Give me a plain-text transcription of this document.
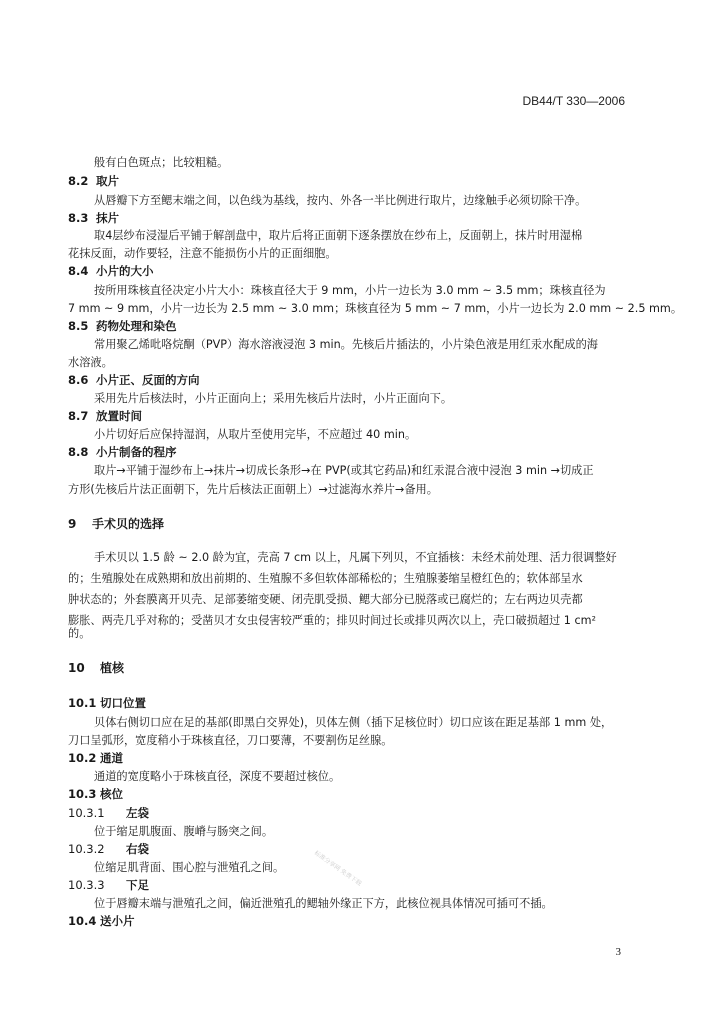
DB44/T 330—2006
般有白色斑点；比较粗糙。
8.2 取片
从唇瓣下方至鳃末端之间，以色线为基线，按内、外各一半比例进行取片，边缘触手必须切除干净。
8.3 抹片
取4层纱布浸湿后平铺于解剖盘中，取片后将正面朝下逐条摆放在纱布上，反面朝上，抹片时用湿棉
花抹反面，动作要轻，注意不能损伤小片的正面细胞。
8.4 小片的大小
按所用珠核直径决定小片大小：珠核直径大于 9 mm，小片一边长为 3.0 mm ~ 3.5 mm；珠核直径为
7 mm ~ 9 mm，小片一边长为 2.5 mm ~ 3.0 mm；珠核直径为 5 mm ~ 7 mm，小片一边长为 2.0 mm ~ 2.5 mm。
8.5 药物处理和染色
常用聚乙烯吡咯烷酮（PVP）海水溶液浸泡 3 min。先核后片插法的，小片染色液是用红汞水配成的海
水溶液。
8.6 小片正、反面的方向
采用先片后核法时，小片正面向上；采用先核后片法时，小片正面向下。
8.7 放置时间
小片切好后应保持湿润，从取片至使用完毕，不应超过 40 min。
8.8 小片制备的程序
取片→平铺于湿纱布上→抹片→切成长条形→在 PVP(或其它药品)和红汞混合液中浸泡 3 min →切成正
方形(先核后片法正面朝下，先片后核法正面朝上）→过滤海水养片→备用。
9 手术贝的选择
手术贝以 1.5 龄 ~ 2.0 龄为宜，壳高 7 cm 以上，凡属下列贝，不宜插核：未经术前处理、活力很调整好
的；生殖腺处在成熟期和放出前期的、生殖腺不多但软体部稀松的；生殖腺萎缩呈橙红色的；软体部呈水
肿状态的；外套膜离开贝壳、足部萎缩变硬、闭壳肌受损、鳃大部分已脱落或已腐烂的；左右两边贝壳都
膨胀、两壳几乎对称的；受凿贝才女虫侵害较严重的；排贝时间过长或排贝两次以上，壳口破损超过 1 cm²
的。
10 植核
10.1 切口位置
贝体右侧切口应在足的基部(即黑白交界处)，贝体左侧（插下足核位时）切口应该在距足基部 1 mm 处，
刀口呈弧形，宽度稍小于珠核直径，刀口要薄，不要割伤足丝腺。
10.2 通道
通道的宽度略小于珠核直径，深度不要超过核位。
10.3 核位
10.3.1 左袋
位于缩足肌腹面、腹嵴与肠突之间。
10.3.2 右袋
位缩足肌背面、围心腔与泄殖孔之间。
10.3.3 下足
位于唇瓣末端与泄殖孔之间，偏近泄殖孔的鳃轴外缘正下方，此核位视具体情况可插可不插。
10.4 送小片
标准分享网 免费下载
3
